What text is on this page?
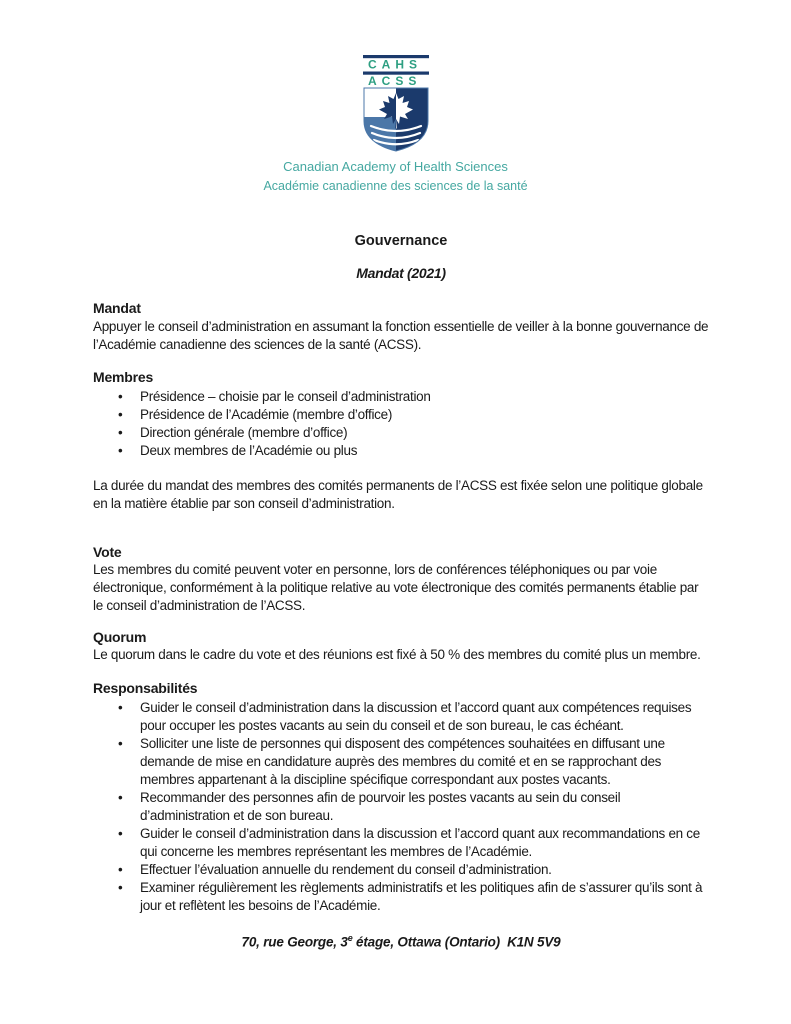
CAHS
ACSS
Canadian Academy of Health Sciences
Académie canadienne des sciences de la santé
Gouvernance

Mandat (2021)

Mandat

Appuyer le conseil d’administration en assumant la fonction essentielle de veiller à la bonne gouvernance de l’Académie canadienne des sciences de la santé (ACSS).

Membres
• Présidence – choisie par le conseil d’administration
• Présidence de l’Académie (membre d’office)
• Direction générale (membre d’office)
• Deux membres de l’Académie ou plus

La durée du mandat des membres des comités permanents de l’ACSS est fixée selon une politique globale en la matière établie par son conseil d’administration.

Vote

Les membres du comité peuvent voter en personne, lors de conférences téléphoniques ou par voie électronique, conformément à la politique relative au vote électronique des comités permanents établie par le conseil d’administration de l’ACSS.

Quorum

Le quorum dans le cadre du vote et des réunions est fixé à 50 % des membres du comité plus un membre.

Responsabilités
• Guider le conseil d’administration dans la discussion et l’accord quant aux compétences requises pour occuper les postes vacants au sein du conseil et de son bureau, le cas échéant.
• Solliciter une liste de personnes qui disposent des compétences souhaitées en diffusant une demande de mise en candidature auprès des membres du comité et en se rapprochant des membres appartenant à la discipline spécifique correspondant aux postes vacants.
• Recommander des personnes afin de pourvoir les postes vacants au sein du conseil d’administration et de son bureau.
• Guider le conseil d’administration dans la discussion et l’accord quant aux recommandations en ce qui concerne les membres représentant les membres de l’Académie.
• Effectuer l’évaluation annuelle du rendement du conseil d’administration.
• Examiner régulièrement les règlements administratifs et les politiques afin de s’assurer qu’ils sont à jour et reflètent les besoins de l’Académie.
70, rue George, 3e étage, Ottawa (Ontario)  K1N 5V9
